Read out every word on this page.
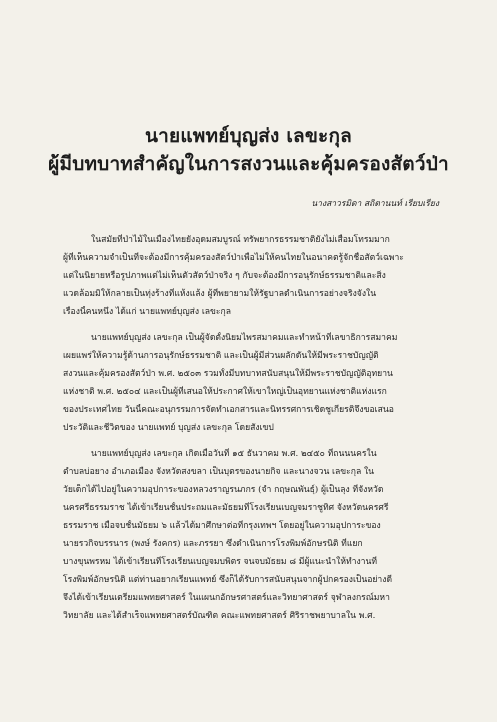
นายแพทย์บุญส่ง เลขะกุล
ผู้มีบทบาทสำคัญในการสงวนและคุ้มครองสัตว์ป่า
นางสาวรมิดา สถิตานนท์ เรียบเรียง
ในสมัยที่ป่าไม้ในเมืองไทยยังอุดมสมบูรณ์ ทรัพยากรธรรมชาติยังไม่เสื่อมโทรมมาก
ผู้ที่เห็นความจำเป็นที่จะต้องมีการคุ้มครองสัตว์ป่าเพื่อไม่ให้คนไทยในอนาคตรู้จักชื่อสัตว์เฉพาะ
แต่ในนิยายหรือรูปภาพแต่ไม่เห็นตัวสัตว์ป่าจริง ๆ กับจะต้องมีการอนุรักษ์ธรรมชาติและสิ่ง
แวดล้อมมิให้กลายเป็นทุ่งร้างที่แห้งแล้ง ผู้ที่พยายามให้รัฐบาลดำเนินการอย่างจริงจังใน
เรื่องนี้คนหนึ่ง ได้แก่ นายแพทย์บุญส่ง เลขะกุล
นายแพทย์บุญส่ง เลขะกุล เป็นผู้จัดตั้งนิยมไพรสมาคมและทำหน้าที่เลขาธิการสมาคม
เผยแพร่ให้ความรู้ด้านการอนุรักษ์ธรรมชาติ และเป็นผู้มีส่วนผลักดันให้มีพระราชบัญญัติ
สงวนและคุ้มครองสัตว์ป่า พ.ศ. ๒๕๐๓ รวมทั้งมีบทบาทสนับสนุนให้มีพระราชบัญญัติอุทยาน
แห่งชาติ พ.ศ. ๒๕๐๔ และเป็นผู้ที่เสนอให้ประกาศให้เขาใหญ่เป็นอุทยานแห่งชาติแห่งแรก
ของประเทศไทย วันนี้คณะอนุกรรมการจัดทำเอกสารและนิทรรศการเชิดชูเกียรติจึงขอเสนอ
ประวัติและชีวิตของ นายแพทย์ บุญส่ง เลขะกุล โดยสังเขป
นายแพทย์บุญส่ง เลขะกุล เกิดเมื่อวันที่ ๑๕ ธันวาคม พ.ศ. ๒๔๕๐ ที่ถนนนครใน
ตำบลบ่อยาง อำเภอเมือง จังหวัดสงขลา เป็นบุตรของนายกิจ และนางจวน เลขะกุล ใน
วัยเด็กได้ไปอยู่ในความอุปการะของหลวงราญรนภกร (จำ กฤษณพันธุ์) ผู้เป็นลุง ที่จังหวัด
นครศรีธรรมราช ได้เข้าเรียนชั้นประถมและมัธยมที่โรงเรียนเบญจมราชูทิศ จังหวัดนครศรี
ธรรมราช เมื่อจบชั้นมัธยม ๖ แล้วได้มาศึกษาต่อที่กรุงเทพฯ โดยอยู่ในความอุปการะของ
นายรวกิจบรรนาร (พงษ์ รังคกร) และภรรยา ซึ่งดำเนินการโรงพิมพ์อักษรนิติ ที่แยก
บางขุนพรหม ได้เข้าเรียนที่โรงเรียนเบญจมบพิตร จนจบมัธยม ๘ มีผู้แนะนำให้ทำงานที่
โรงพิมพ์อักษรนิติ แต่ท่านอยากเรียนแพทย์ ซึ่งก็ได้รับการสนับสนุนจากผู้ปกครองเป็นอย่างดี
จึงได้เข้าเรียนเตรียมแพทยศาสตร์ ในแผนกอักษรศาสตร์และวิทยาศาสตร์ จุฬาลงกรณ์มหา
วิทยาลัย และได้สำเร็จแพทยศาสตร์บัณฑิต คณะแพทยศาสตร์ ศิริราชพยาบาลใน พ.ศ.
